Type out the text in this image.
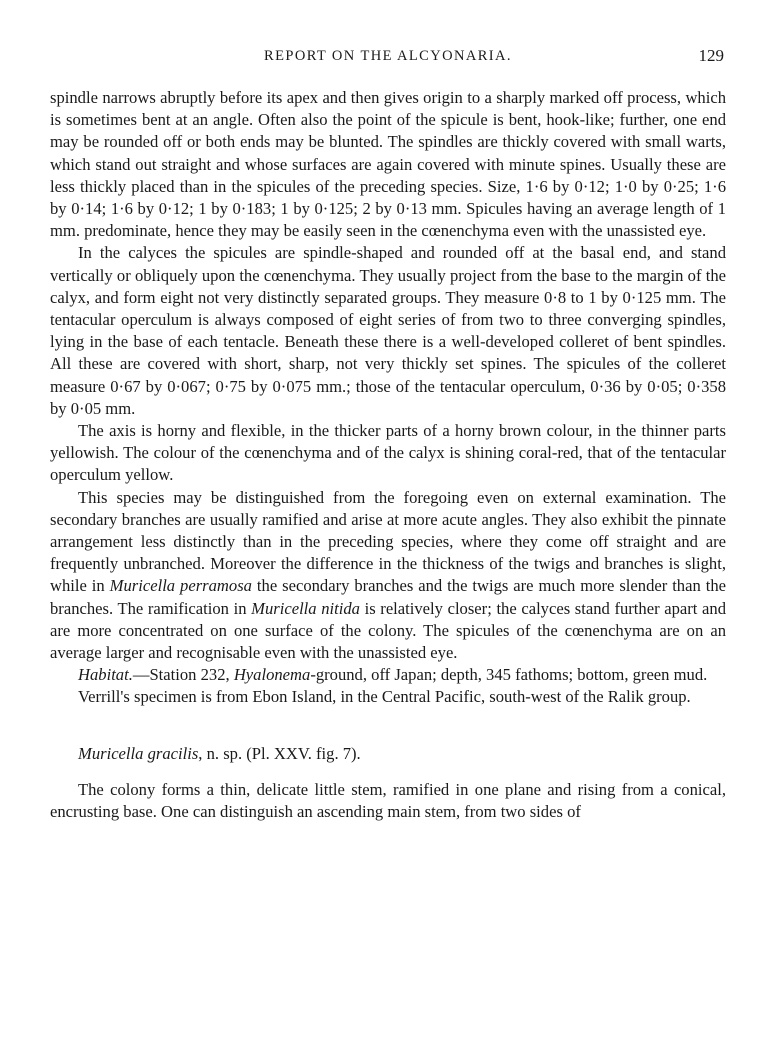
REPORT ON THE ALCYONARIA.	129

spindle narrows abruptly before its apex and then gives origin to a sharply marked off process, which is sometimes bent at an angle. Often also the point of the spicule is bent, hook-like; further, one end may be rounded off or both ends may be blunted. The spindles are thickly covered with small warts, which stand out straight and whose surfaces are again covered with minute spines. Usually these are less thickly placed than in the spicules of the preceding species. Size, 1·6 by 0·12; 1·0 by 0·25; 1·6 by 0·14; 1·6 by 0·12; 1 by 0·183; 1 by 0·125; 2 by 0·13 mm. Spicules having an average length of 1 mm. predominate, hence they may be easily seen in the cœnenchyma even with the unassisted eye.

In the calyces the spicules are spindle-shaped and rounded off at the basal end, and stand vertically or obliquely upon the cœnenchyma. They usually project from the base to the margin of the calyx, and form eight not very distinctly separated groups. They measure 0·8 to 1 by 0·125 mm. The tentacular operculum is always composed of eight series of from two to three converging spindles, lying in the base of each tentacle. Beneath these there is a well-developed colleret of bent spindles. All these are covered with short, sharp, not very thickly set spines. The spicules of the colleret measure 0·67 by 0·067; 0·75 by 0·075 mm.; those of the tentacular operculum, 0·36 by 0·05; 0·358 by 0·05 mm.

The axis is horny and flexible, in the thicker parts of a horny brown colour, in the thinner parts yellowish. The colour of the cœnenchyma and of the calyx is shining coral-red, that of the tentacular operculum yellow.

This species may be distinguished from the foregoing even on external examination. The secondary branches are usually ramified and arise at more acute angles. They also exhibit the pinnate arrangement less distinctly than in the preceding species, where they come off straight and are frequently unbranched. Moreover the difference in the thickness of the twigs and branches is slight, while in Muricella perramosa the secondary branches and the twigs are much more slender than the branches. The ramification in Muricella nitida is relatively closer; the calyces stand further apart and are more concentrated on one surface of the colony. The spicules of the cœnenchyma are on an average larger and recognisable even with the unassisted eye.

Habitat.—Station 232, Hyalonema-ground, off Japan; depth, 345 fathoms; bottom, green mud.

Verrill's specimen is from Ebon Island, in the Central Pacific, south-west of the Ralik group.

Muricella gracilis, n. sp. (Pl. XXV. fig. 7).

The colony forms a thin, delicate little stem, ramified in one plane and rising from a conical, encrusting base. One can distinguish an ascending main stem, from two sides of
